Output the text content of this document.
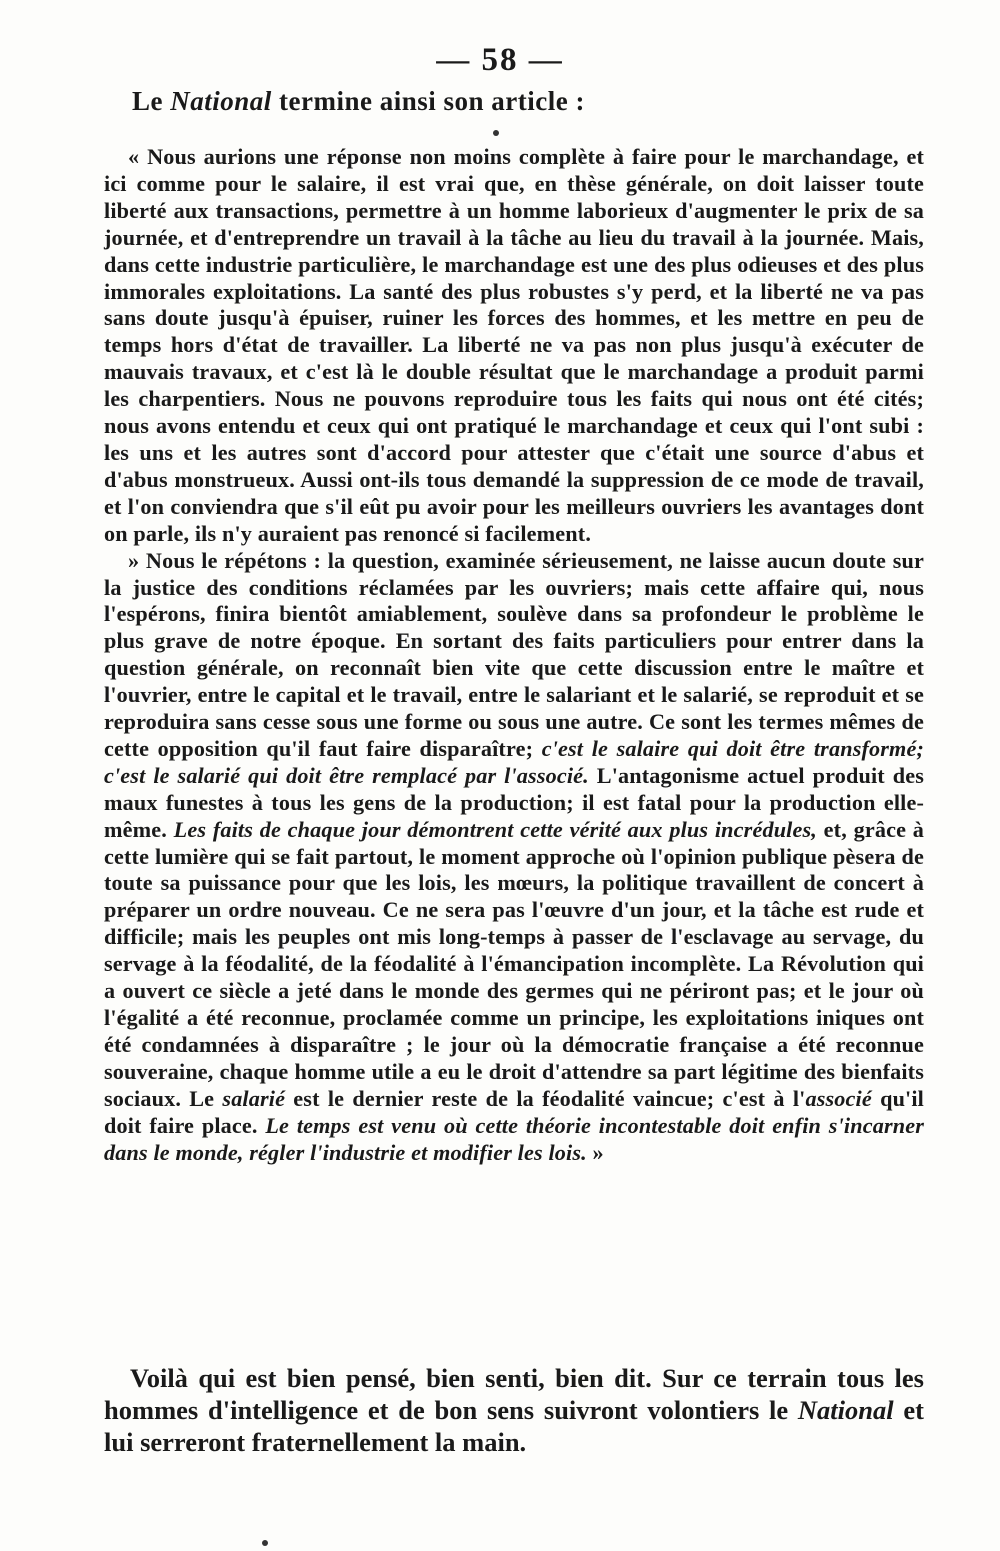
— 58 —
Le National termine ainsi son article :

« Nous aurions une réponse non moins complète à faire pour le marchandage, et ici comme pour le salaire, il est vrai que, en thèse générale, on doit laisser toute liberté aux transactions, permettre à un homme laborieux d'augmenter le prix de sa journée, et d'entreprendre un travail à la tâche au lieu du travail à la journée. Mais, dans cette industrie particulière, le marchandage est une des plus odieuses et des plus immorales exploitations. La santé des plus robustes s'y perd, et la liberté ne va pas sans doute jusqu'à épuiser, ruiner les forces des hommes, et les mettre en peu de temps hors d'état de travailler. La liberté ne va pas non plus jusqu'à exécuter de mauvais travaux, et c'est là le double résultat que le marchandage a produit parmi les charpentiers. Nous ne pouvons reproduire tous les faits qui nous ont été cités; nous avons entendu et ceux qui ont pratiqué le marchandage et ceux qui l'ont subi : les uns et les autres sont d'accord pour attester que c'était une source d'abus et d'abus monstrueux. Aussi ont-ils tous demandé la suppression de ce mode de travail, et l'on conviendra que s'il eût pu avoir pour les meilleurs ouvriers les avantages dont on parle, ils n'y auraient pas renoncé si facilement.

» Nous le répétons : la question, examinée sérieusement, ne laisse aucun doute sur la justice des conditions réclamées par les ouvriers; mais cette affaire qui, nous l'espérons, finira bientôt amiablement, soulève dans sa profondeur le problème le plus grave de notre époque. En sortant des faits particuliers pour entrer dans la question générale, on reconnaît bien vite que cette discussion entre le maître et l'ouvrier, entre le capital et le travail, entre le salariant et le salarié, se reproduit et se reproduira sans cesse sous une forme ou sous une autre. Ce sont les termes mêmes de cette opposition qu'il faut faire disparaître; c'est le salaire qui doit être transformé; c'est le salarié qui doit être remplacé par l'associé. L'antagonisme actuel produit des maux funestes à tous les gens de la production; il est fatal pour la production elle-même. Les faits de chaque jour démontrent cette vérité aux plus incrédules, et, grâce à cette lumière qui se fait partout, le moment approche où l'opinion publique pèsera de toute sa puissance pour que les lois, les mœurs, la politique travaillent de concert à préparer un ordre nouveau. Ce ne sera pas l'œuvre d'un jour, et la tâche est rude et difficile; mais les peuples ont mis long-temps à passer de l'esclavage au servage, du servage à la féodalité, de la féodalité à l'émancipation incomplète. La Révolution qui a ouvert ce siècle a jeté dans le monde des germes qui ne périront pas; et le jour où l'égalité a été reconnue, proclamée comme un principe, les exploitations iniques ont été condamnées à disparaître ; le jour où la démocratie française a été reconnue souveraine, chaque homme utile a eu le droit d'attendre sa part légitime des bienfaits sociaux. Le salarié est le dernier reste de la féodalité vaincue; c'est à l'associé qu'il doit faire place. Le temps est venu où cette théorie incontestable doit enfin s'incarner dans le monde, régler l'industrie et modifier les lois. »

Voilà qui est bien pensé, bien senti, bien dit. Sur ce terrain tous les hommes d'intelligence et de bon sens suivront volontiers le National et lui serreront fraternellement la main.
